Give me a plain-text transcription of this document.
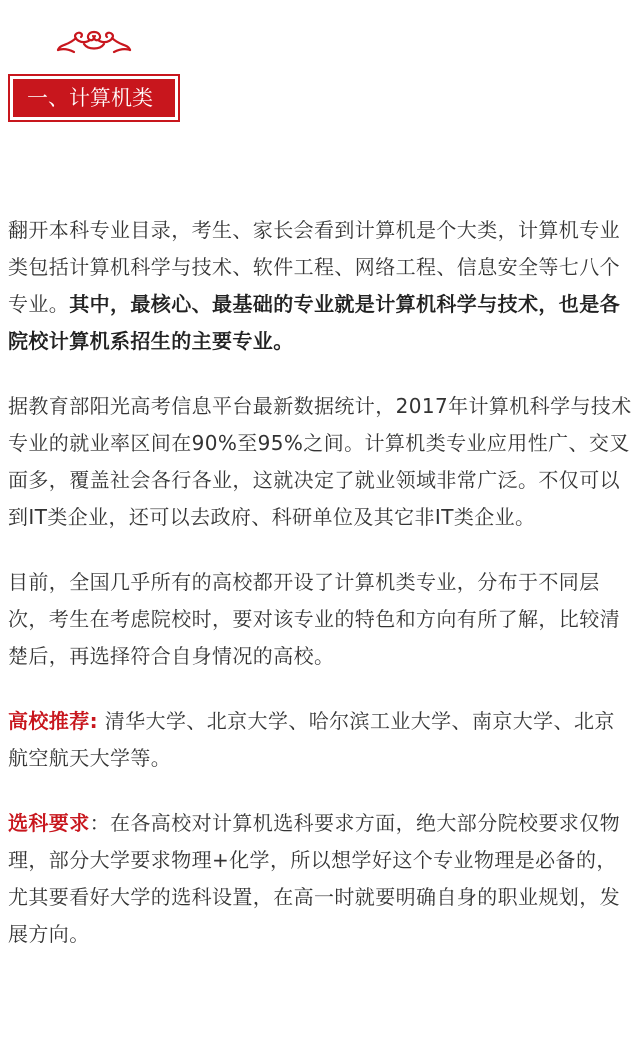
一、计算机类

翻开本科专业目录，考生、家长会看到计算机是个大类，计算机专业类包括计算机科学与技术、软件工程、网络工程、信息安全等七八个专业。其中，最核心、最基础的专业就是计算机科学与技术，也是各院校计算机系招生的主要专业。

据教育部阳光高考信息平台最新数据统计，2017年计算机科学与技术专业的就业率区间在90%至95%之间。计算机类专业应用性广、交叉面多，覆盖社会各行各业，这就决定了就业领域非常广泛。不仅可以到IT类企业，还可以去政府、科研单位及其它非IT类企业。

目前，全国几乎所有的高校都开设了计算机类专业，分布于不同层次，考生在考虑院校时，要对该专业的特色和方向有所了解，比较清楚后，再选择符合自身情况的高校。

高校推荐: 清华大学、北京大学、哈尔滨工业大学、南京大学、北京航空航天大学等。

选科要求：在各高校对计算机选科要求方面，绝大部分院校要求仅物理，部分大学要求物理+化学，所以想学好这个专业物理是必备的，尤其要看好大学的选科设置，在高一时就要明确自身的职业规划，发展方向。
